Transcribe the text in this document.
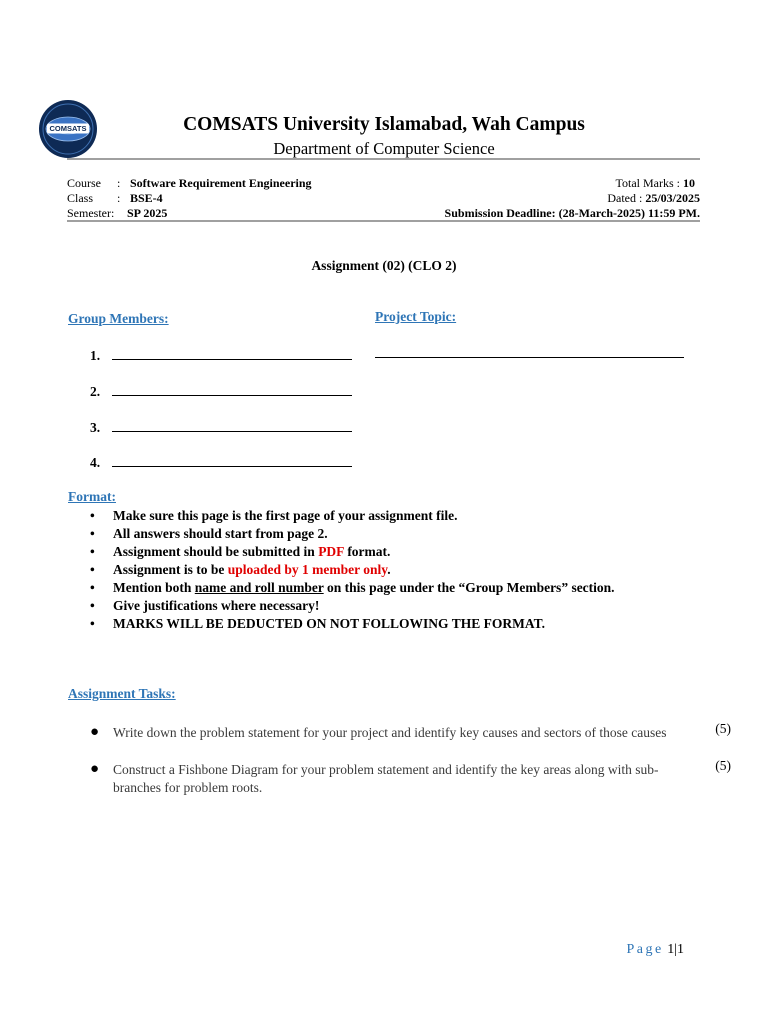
COMSATS	COMSATS University Islamabad, Wah Campus
Department of Computer Science
Course : Software Requirement Engineering
Class : BSE-4
Semester: SP 2025
Total Marks : 10
Dated : 25/03/2025
Submission Deadline: (28-March-2025) 11:59 PM.
Assignment (02) (CLO 2)
Group Members:
1.
2.
3.
4.
Project Topic:
Format:
• Make sure this page is the first page of your assignment file.
• All answers should start from page 2.
• Assignment should be submitted in PDF format.
• Assignment is to be uploaded by 1 member only.
• Mention both name and roll number on this page under the “Group Members” section.
• Give justifications where necessary!
• MARKS WILL BE DEDUCTED ON NOT FOLLOWING THE FORMAT.
Assignment Tasks:
● Write down the problem statement for your project and identify key causes and sectors of those causes	(5)
● Construct a Fishbone Diagram for your problem statement and identify the key areas along with sub-branches for problem roots.
(5)
Page 1|1
